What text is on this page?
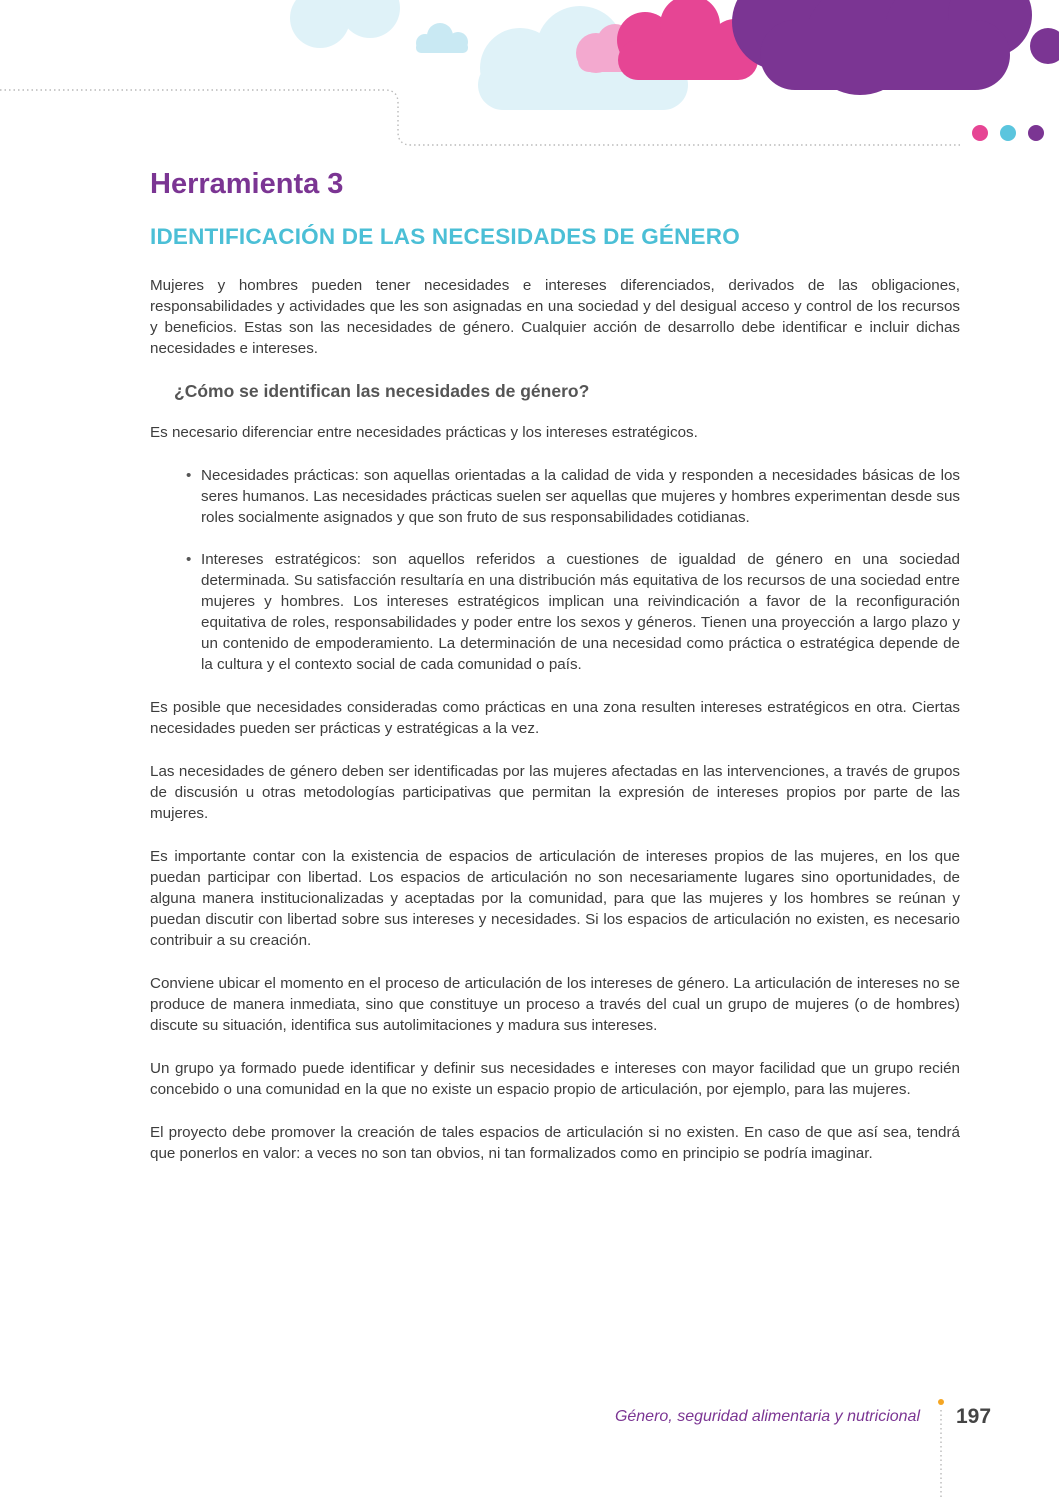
Herramienta 3
IDENTIFICACIÓN DE LAS NECESIDADES DE GÉNERO

Mujeres y hombres pueden tener necesidades e intereses diferenciados, derivados de las obligaciones, responsabilidades y actividades que les son asignadas en una sociedad y del desigual acceso y control de los recursos y beneficios. Estas son las necesidades de género. Cualquier acción de desarrollo debe identificar e incluir dichas necesidades e intereses.

¿Cómo se identifican las necesidades de género?

Es necesario diferenciar entre necesidades prácticas y los intereses estratégicos.

• Necesidades prácticas: son aquellas orientadas a la calidad de vida y responden a necesidades básicas de los seres humanos. Las necesidades prácticas suelen ser aquellas que mujeres y hombres experimentan desde sus roles socialmente asignados y que son fruto de sus responsabilidades cotidianas.
• Intereses estratégicos: son aquellos referidos a cuestiones de igualdad de género en una sociedad determinada. Su satisfacción resultaría en una distribución más equitativa de los recursos de una sociedad entre mujeres y hombres. Los intereses estratégicos implican una reivindicación a favor de la reconfiguración equitativa de roles, responsabilidades y poder entre los sexos y géneros. Tienen una proyección a largo plazo y un contenido de empoderamiento. La determinación de una necesidad como práctica o estratégica depende de la cultura y el contexto social de cada comunidad o país.

Es posible que necesidades consideradas como prácticas en una zona resulten intereses estratégicos en otra. Ciertas necesidades pueden ser prácticas y estratégicas a la vez.

Las necesidades de género deben ser identificadas por las mujeres afectadas en las intervenciones, a través de grupos de discusión u otras metodologías participativas que permitan la expresión de intereses propios por parte de las mujeres.

Es importante contar con la existencia de espacios de articulación de intereses propios de las mujeres, en los que puedan participar con libertad. Los espacios de articulación no son necesariamente lugares sino oportunidades, de alguna manera institucionalizadas y aceptadas por la comunidad, para que las mujeres y los hombres se reúnan y puedan discutir con libertad sobre sus intereses y necesidades. Si los espacios de articulación no existen, es necesario contribuir a su creación.

Conviene ubicar el momento en el proceso de articulación de los intereses de género. La articulación de intereses no se produce de manera inmediata, sino que constituye un proceso a través del cual un grupo de mujeres (o de hombres) discute su situación, identifica sus autolimitaciones y madura sus intereses.

Un grupo ya formado puede identificar y definir sus necesidades e intereses con mayor facilidad que un grupo recién concebido o una comunidad en la que no existe un espacio propio de articulación, por ejemplo, para las mujeres.

El proyecto debe promover la creación de tales espacios de articulación si no existen. En caso de que así sea, tendrá que ponerlos en valor: a veces no son tan obvios, ni tan formalizados como en principio se podría imaginar.

Género, seguridad alimentaria y nutricional 197
